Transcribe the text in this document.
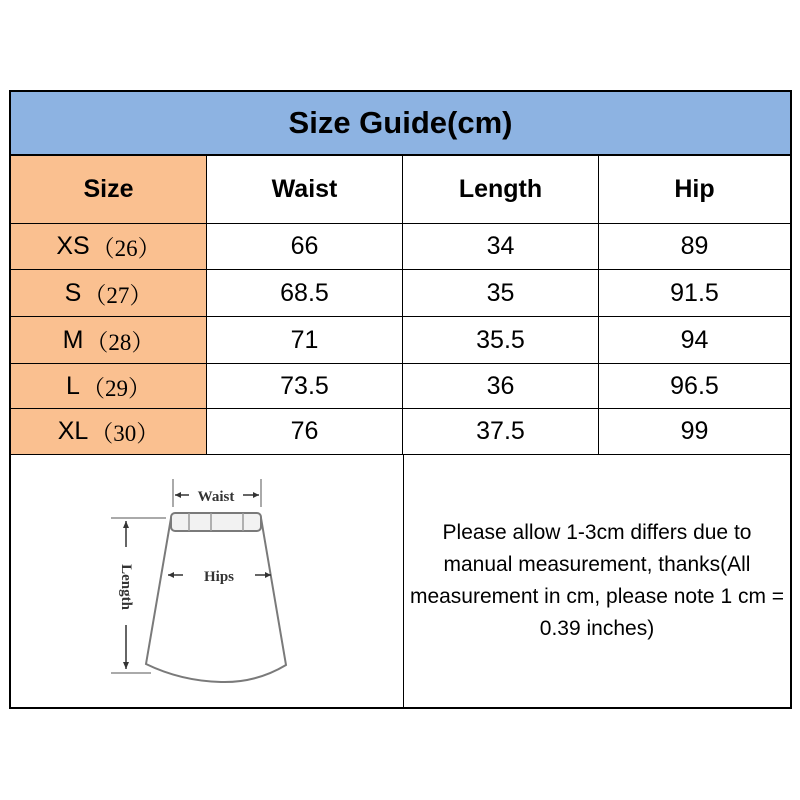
Size Guide(cm)
Size	Waist	Length	Hip
XS （26）	66	34	89
S （27）	68.5	35	91.5
M （28）	71	35.5	94
L （29）	73.5	36	96.5
XL （30）	76	37.5	99
Waist
Hips
Length

Please allow 1-3cm differs due to manual measurement, thanks(All measurement in cm, please note 1 cm = 0.39 inches)
